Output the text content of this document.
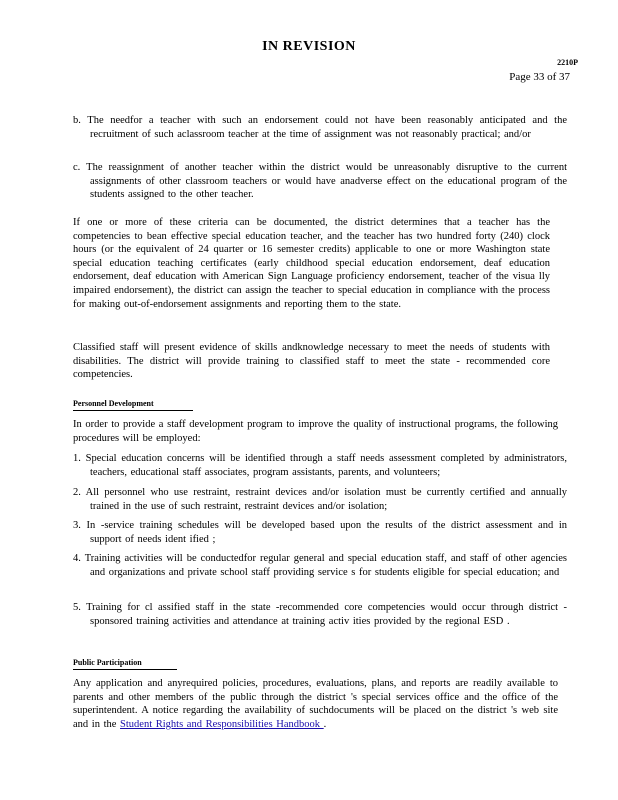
IN REVISION
2210P
Page 33 of 37
b. The needfor a teacher with such an endorsement could not have been reasonably anticipated and the recruitment of such aclassroom teacher at the time of assignment was not reasonably practical; and/or
c. The reassignment of another teacher within the district would be unreasonably disruptive to the current assignments of other classroom teachers or would have anadverse effect on the educational program of the students assigned to the other teacher.
If one or more of these criteria can be documented, the district determines that a teacher has the competencies to bean effective special education teacher, and the teacher has two hundred forty (240) clock hours (or the equivalent of 24 quarter or 16 semester credits) applicable to one or more Washington state special education teaching certificates (early childhood special education endorsement, deaf education endorsement, deaf education with American Sign Language proficiency endorsement, teacher of the visua lly impaired endorsement), the district can assign the teacher to special education in compliance with the process for making out-of-endorsement assignments and reporting them to the state.
Classified staff will present evidence of skills andknowledge necessary to meet the needs of students with disabilities. The district will provide training to classified staff to meet the state - recommended core competencies.
Personnel Development
In order to provide a staff development program to improve the quality of instructional programs, the following procedures will be employed:
1. Special education concerns will be identified through a staff needs assessment completed by administrators, teachers, educational staff associates, program assistants, parents, and volunteers;
2. All personnel who use restraint, restraint devices and/or isolation must be currently certified and annually trained in the use of such restraint, restraint devices and/or isolation;
3. In -service training schedules will be developed based upon the results of the district assessment and in support of needs ident ified ;
4. Training activities will be conductedfor regular general and special education staff, and staff of other agencies and organizations and private school staff providing service s for students eligible for special education; and
5. Training for cl assified staff in the state -recommended core competencies would occur through district -sponsored training activities and attendance at training activ ities provided by the regional ESD .
Public Participation
Any application and anyrequired policies, procedures, evaluations, plans, and reports are readily available to parents and other members of the public through the district 's special services office and the office of the superintendent. A notice regarding the availability of suchdocuments will be placed on the district 's web site and in the Student Rights and Responsibilities Handbook .
